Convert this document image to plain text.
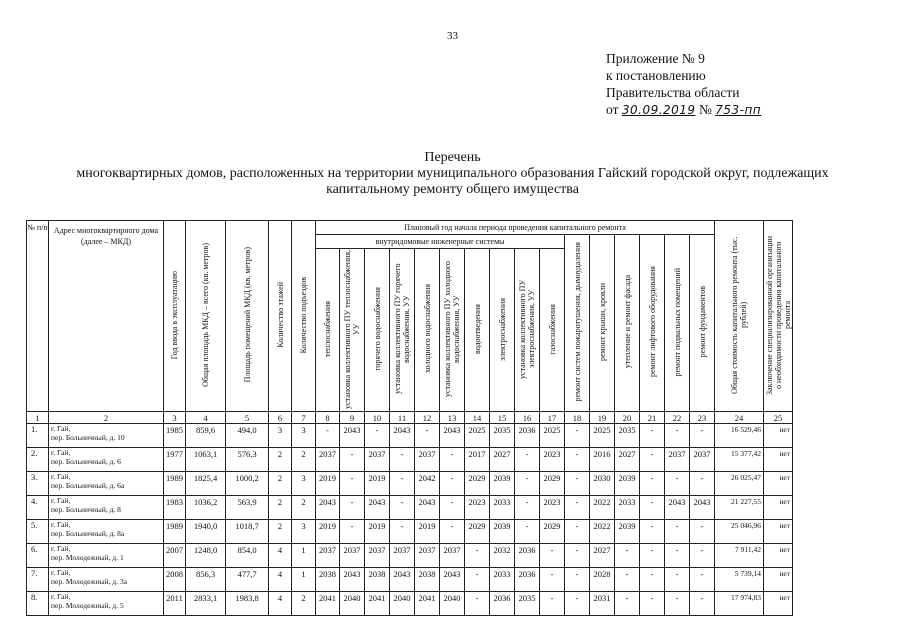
33
Приложение № 9
к постановлению
Правительства области
от 30.09.2019 № 753-пп
Перечень
многоквартирных домов, расположенных на территории муниципального образования Гайский городской округ, подлежащих
капитальному ремонту общего имущества
№ п/п	Адрес многоквартирного дома (далее – МКД)	Год ввода в эксплуатацию	Общая площадь МКД – всего (кв. метров)	Площадь помещений МКД (кв. метров)	Количество этажей	Количество подъездов	Плановый год начала периода проведения капитального ремонта																Общая стоимость капитального ремонта (тыс. рублей)	Заключение специализированной организации о необходимости проведения капитального ремонта
							внутридомовые инженерные системы										ремонт систем пожаротушения, дымоудаления	ремонт крыши, кровли	утепление и ремонт фасада	ремонт лифтового оборудования	ремонт подвальных помещений	ремонт фундаментов		
							теплоснабжения	установка коллективного ПУ теплоснабжения, УУ	горячего водоснабжения	установка коллективного ПУ горячего водоснабжения, УУ	холодного водоснабжения	установка коллективного ПУ холодного водоснабжения, УУ	водоотведения	электроснабжения	установка коллективного ПУ электроснабжения, УУ	газоснабжения								
1	2	3	4	5	6	7	8	9	10	11	12	13	14	15	16	17	18	19	20	21	22	23	24	25
1.	г. Гай,
пер. Больничный, д. 10	1985	859,6	494,0	3	3	-	2043	-	2043	-	2043	2025	2035	2036	2025	-	2025	2035	-	-	-	16 529,46	нет
2.	г. Гай,
пер. Больничный, д. 6	1977	1063,1	576,3	2	2	2037	-	2037	-	2037	-	2017	2027	-	2023	-	2016	2027	-	2037	2037	15 377,42	нет
3.	г. Гай,
пер. Больничный, д. 6а	1989	1825,4	1000,2	2	3	2019	-	2019	-	2042	-	2029	2039	-	2029	-	2030	2039	-	-	-	26 025,47	нет
4.	г. Гай,
пер. Больничный, д. 8	1983	1036,2	563,9	2	2	2043	-	2043	-	2043	-	2023	2033	-	2023	-	2022	2033	-	2043	2043	21 227,55	нет
5.	г. Гай,
пер. Больничный, д. 8а	1989	1940,0	1018,7	2	3	2019	-	2019	-	2019	-	2029	2039	-	2029	-	2022	2039	-	-	-	25 046,96	нет
6.	г. Гай,
пер. Молодежный, д. 1	2007	1248,0	854,0	4	1	2037	2037	2037	2037	2037	2037	-	2032	2036	-	-	2027	-	-	-	-	7 911,42	нет
7.	г. Гай,
пер. Молодежный, д. 3а	2008	856,3	477,7	4	1	2038	2043	2038	2043	2038	2043	-	2033	2036	-	-	2028	-	-	-	-	5 739,14	нет
8.	г. Гай,
пер. Молодежный, д. 5	2011	2833,1	1983,8	4	2	2041	2040	2041	2040	2041	2040	-	2036	2035	-	-	2031	-	-	-	-	17 974,83	нет
